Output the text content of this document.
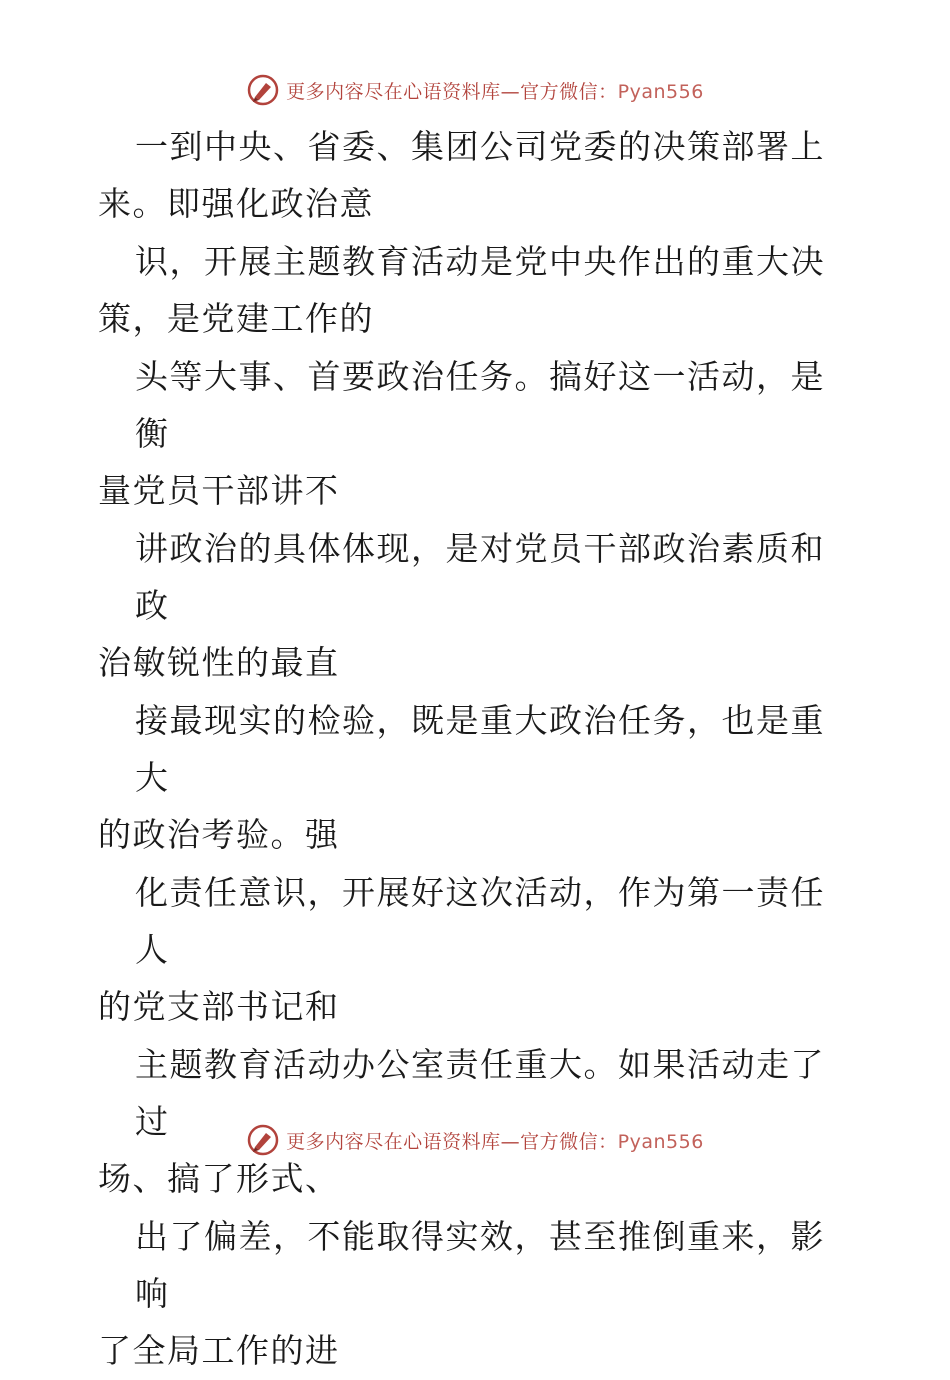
更多内容尽在心语资料库—官方微信：Pyan556

一到中央、省委、集团公司党委的决策部署上
来。即强化政治意

识，开展主题教育活动是党中央作出的重大决
策，是党建工作的

头等大事、首要政治任务。搞好这一活动，是衡
量党员干部讲不

讲政治的具体体现，是对党员干部政治素质和政
治敏锐性的最直

接最现实的检验，既是重大政治任务，也是重大
的政治考验。强

化责任意识，开展好这次活动，作为第一责任人
的党支部书记和

主题教育活动办公室责任重大。如果活动走了过
场、搞了形式、

出了偏差，不能取得实效，甚至推倒重来，影响
了全局工作的进

更多内容尽在心语资料库—官方微信：Pyan556
